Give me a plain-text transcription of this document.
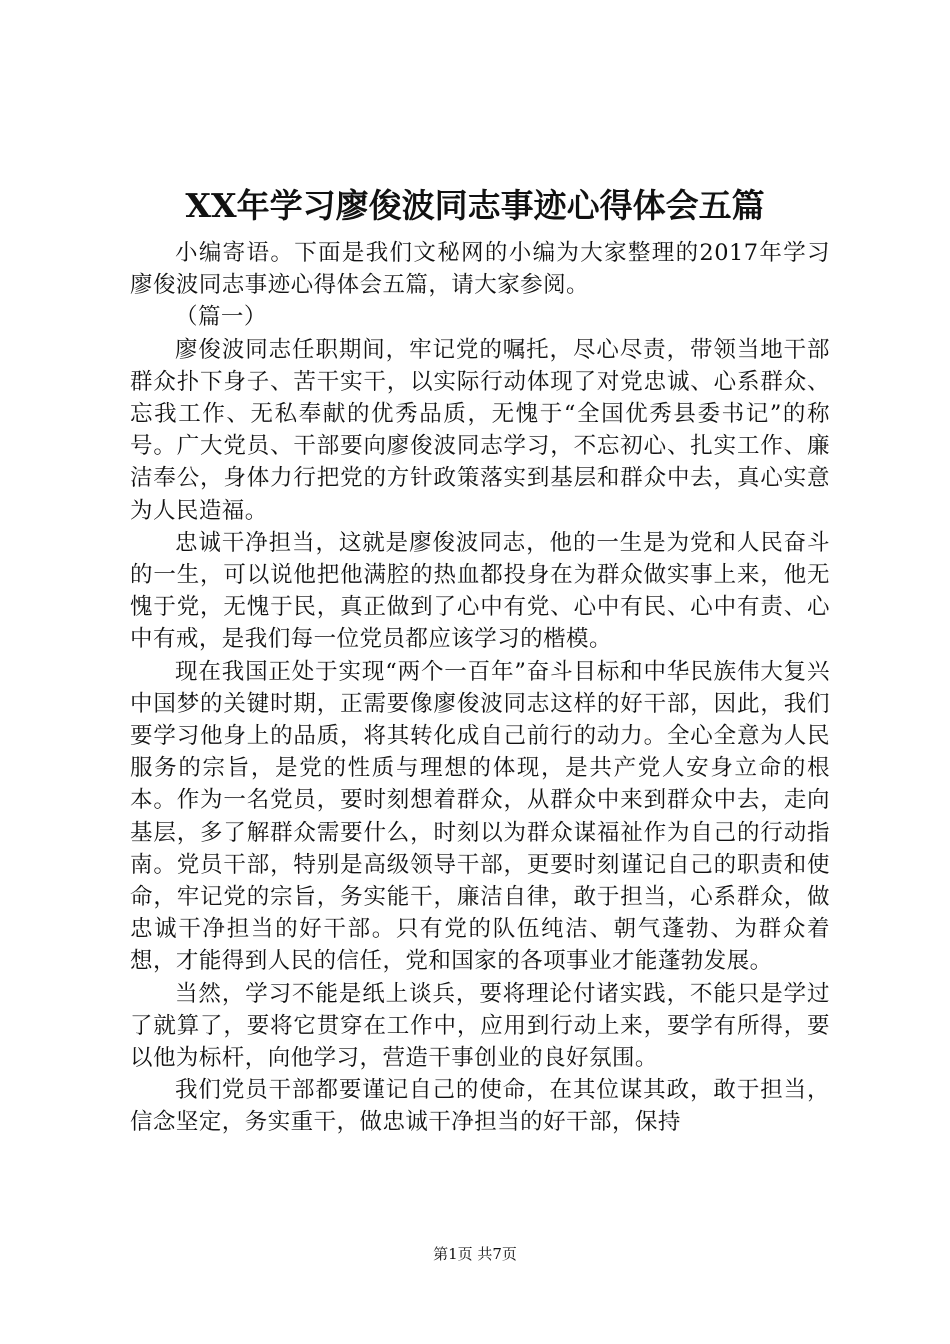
XX年学习廖俊波同志事迹心得体会五篇

小编寄语。下面是我们文秘网的小编为大家整理的2017年学习廖俊波同志事迹心得体会五篇，请大家参阅。

（篇一）

廖俊波同志任职期间，牢记党的嘱托，尽心尽责，带领当地干部群众扑下身子、苦干实干，以实际行动体现了对党忠诚、心系群众、忘我工作、无私奉献的优秀品质，无愧于“全国优秀县委书记”的称号。广大党员、干部要向廖俊波同志学习，不忘初心、扎实工作、廉洁奉公，身体力行把党的方针政策落实到基层和群众中去，真心实意为人民造福。

忠诚干净担当，这就是廖俊波同志，他的一生是为党和人民奋斗的一生，可以说他把他满腔的热血都投身在为群众做实事上来，他无愧于党，无愧于民，真正做到了心中有党、心中有民、心中有责、心中有戒，是我们每一位党员都应该学习的楷模。

现在我国正处于实现“两个一百年”奋斗目标和中华民族伟大复兴中国梦的关键时期，正需要像廖俊波同志这样的好干部，因此，我们要学习他身上的品质，将其转化成自己前行的动力。全心全意为人民服务的宗旨，是党的性质与理想的体现，是共产党人安身立命的根本。作为一名党员，要时刻想着群众，从群众中来到群众中去，走向基层，多了解群众需要什么，时刻以为群众谋福祉作为自己的行动指南。党员干部，特别是高级领导干部，更要时刻谨记自己的职责和使命，牢记党的宗旨，务实能干，廉洁自律，敢于担当，心系群众，做忠诚干净担当的好干部。只有党的队伍纯洁、朝气蓬勃、为群众着想，才能得到人民的信任，党和国家的各项事业才能蓬勃发展。

当然，学习不能是纸上谈兵，要将理论付诸实践，不能只是学过了就算了，要将它贯穿在工作中，应用到行动上来，要学有所得，要以他为标杆，向他学习，营造干事创业的良好氛围。

我们党员干部都要谨记自己的使命，在其位谋其政，敢于担当，信念坚定，务实重干，做忠诚干净担当的好干部，保持

第1页 共7页
